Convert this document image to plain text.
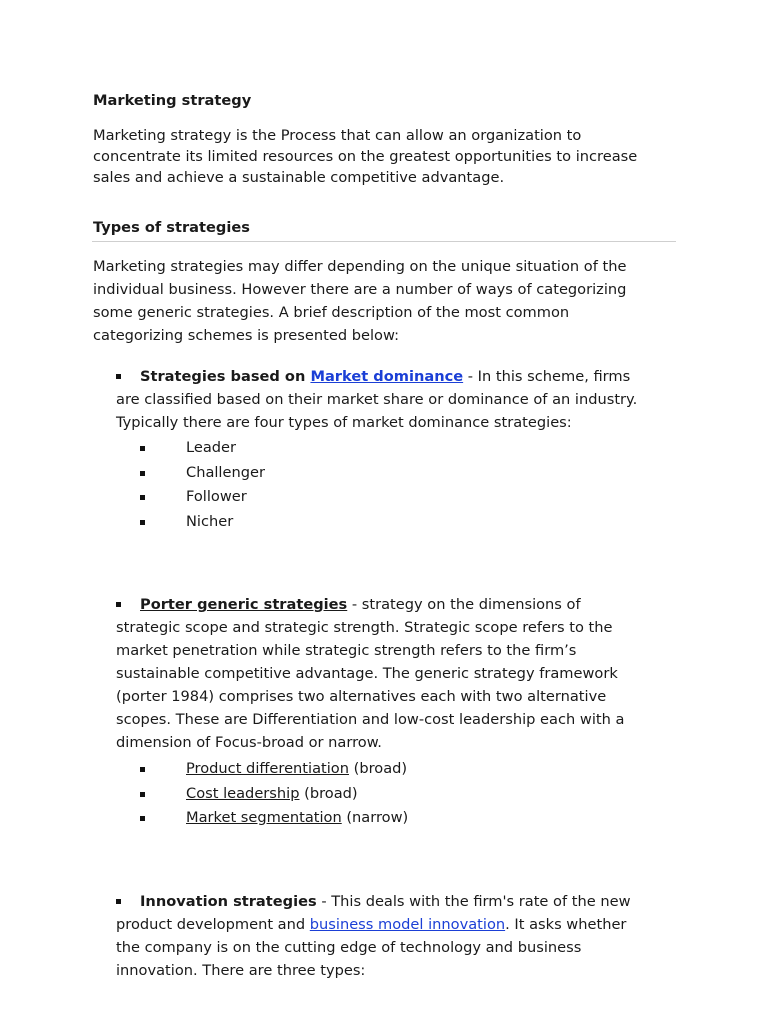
Marketing strategy
Marketing strategy is the Process that can allow an organization to
concentrate its limited resources on the greatest opportunities to increase
sales and achieve a sustainable competitive advantage.
Types of strategies
Marketing strategies may differ depending on the unique situation of the
individual business. However there are a number of ways of categorizing
some generic strategies. A brief description of the most common
categorizing schemes is presented below:
Strategies based on Market dominance - In this scheme, firms
are classified based on their market share or dominance of an industry.
Typically there are four types of market dominance strategies:
Leader
Challenger
Follower
Nicher
Porter generic strategies - strategy on the dimensions of
strategic scope and strategic strength. Strategic scope refers to the
market penetration while strategic strength refers to the firm’s
sustainable competitive advantage. The generic strategy framework
(porter 1984) comprises two alternatives each with two alternative
scopes. These are Differentiation and low-cost leadership each with a
dimension of Focus-broad or narrow.
Product differentiation (broad)
Cost leadership (broad)
Market segmentation (narrow)
Innovation strategies - This deals with the firm's rate of the new
product development and business model innovation. It asks whether
the company is on the cutting edge of technology and business
innovation. There are three types:
